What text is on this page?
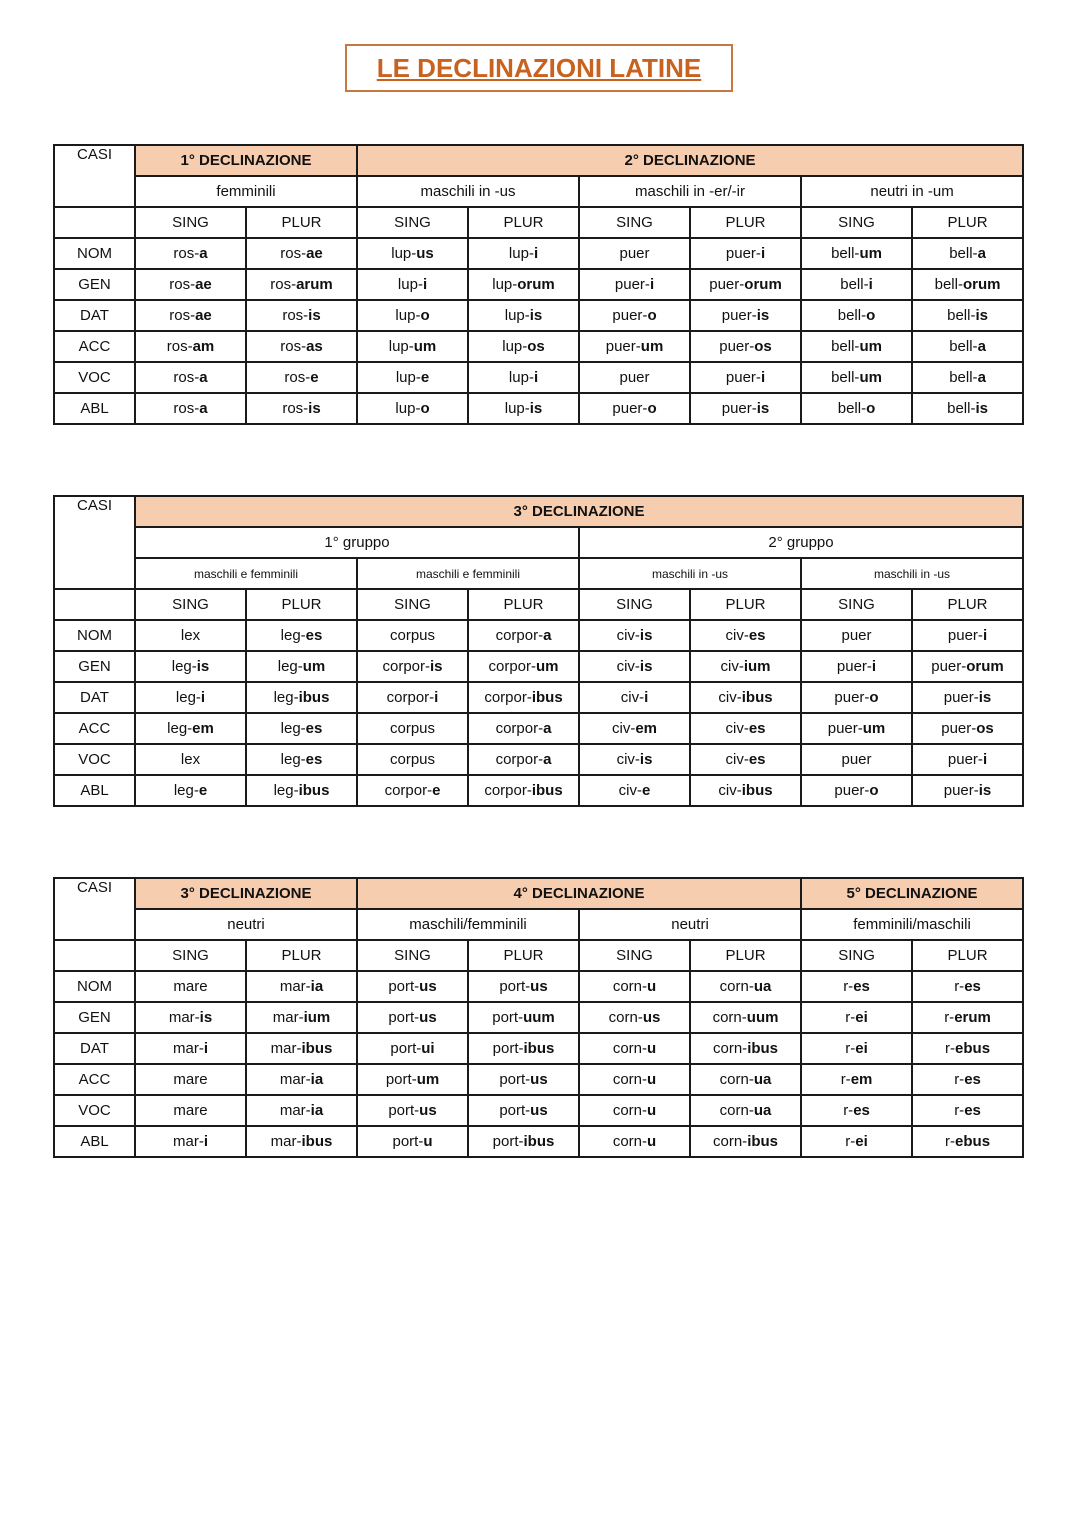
LE DECLINAZIONI LATINE
CASI	1° DECLINAZIONE		2° DECLINAZIONE					
	femminili		maschili in -us		maschili in -er/-ir		neutri in -um	
	SING	PLUR	SING	PLUR	SING	PLUR	SING	PLUR
NOM	ros-a	ros-ae	lup-us	lup-i	puer	puer-i	bell-um	bell-a
GEN	ros-ae	ros-arum	lup-i	lup-orum	puer-i	puer-orum	bell-i	bell-orum
DAT	ros-ae	ros-is	lup-o	lup-is	puer-o	puer-is	bell-o	bell-is
ACC	ros-am	ros-as	lup-um	lup-os	puer-um	puer-os	bell-um	bell-a
VOC	ros-a	ros-e	lup-e	lup-i	puer	puer-i	bell-um	bell-a
ABL	ros-a	ros-is	lup-o	lup-is	puer-o	puer-is	bell-o	bell-is
CASI	3° DECLINAZIONE							
	1° gruppo				2° gruppo			
	maschili e femminili		maschili e femminili		maschili in -us		maschili in -us	
	SING	PLUR	SING	PLUR	SING	PLUR	SING	PLUR
NOM	lex	leg-es	corpus	corpor-a	civ-is	civ-es	puer	puer-i
GEN	leg-is	leg-um	corpor-is	corpor-um	civ-is	civ-ium	puer-i	puer-orum
DAT	leg-i	leg-ibus	corpor-i	corpor-ibus	civ-i	civ-ibus	puer-o	puer-is
ACC	leg-em	leg-es	corpus	corpor-a	civ-em	civ-es	puer-um	puer-os
VOC	lex	leg-es	corpus	corpor-a	civ-is	civ-es	puer	puer-i
ABL	leg-e	leg-ibus	corpor-e	corpor-ibus	civ-e	civ-ibus	puer-o	puer-is
CASI	3° DECLINAZIONE		4° DECLINAZIONE				5° DECLINAZIONE	
	neutri		maschili/femminili		neutri		femminili/maschili	
	SING	PLUR	SING	PLUR	SING	PLUR	SING	PLUR
NOM	mare	mar-ia	port-us	port-us	corn-u	corn-ua	r-es	r-es
GEN	mar-is	mar-ium	port-us	port-uum	corn-us	corn-uum	r-ei	r-erum
DAT	mar-i	mar-ibus	port-ui	port-ibus	corn-u	corn-ibus	r-ei	r-ebus
ACC	mare	mar-ia	port-um	port-us	corn-u	corn-ua	r-em	r-es
VOC	mare	mar-ia	port-us	port-us	corn-u	corn-ua	r-es	r-es
ABL	mar-i	mar-ibus	port-u	port-ibus	corn-u	corn-ibus	r-ei	r-ebus
